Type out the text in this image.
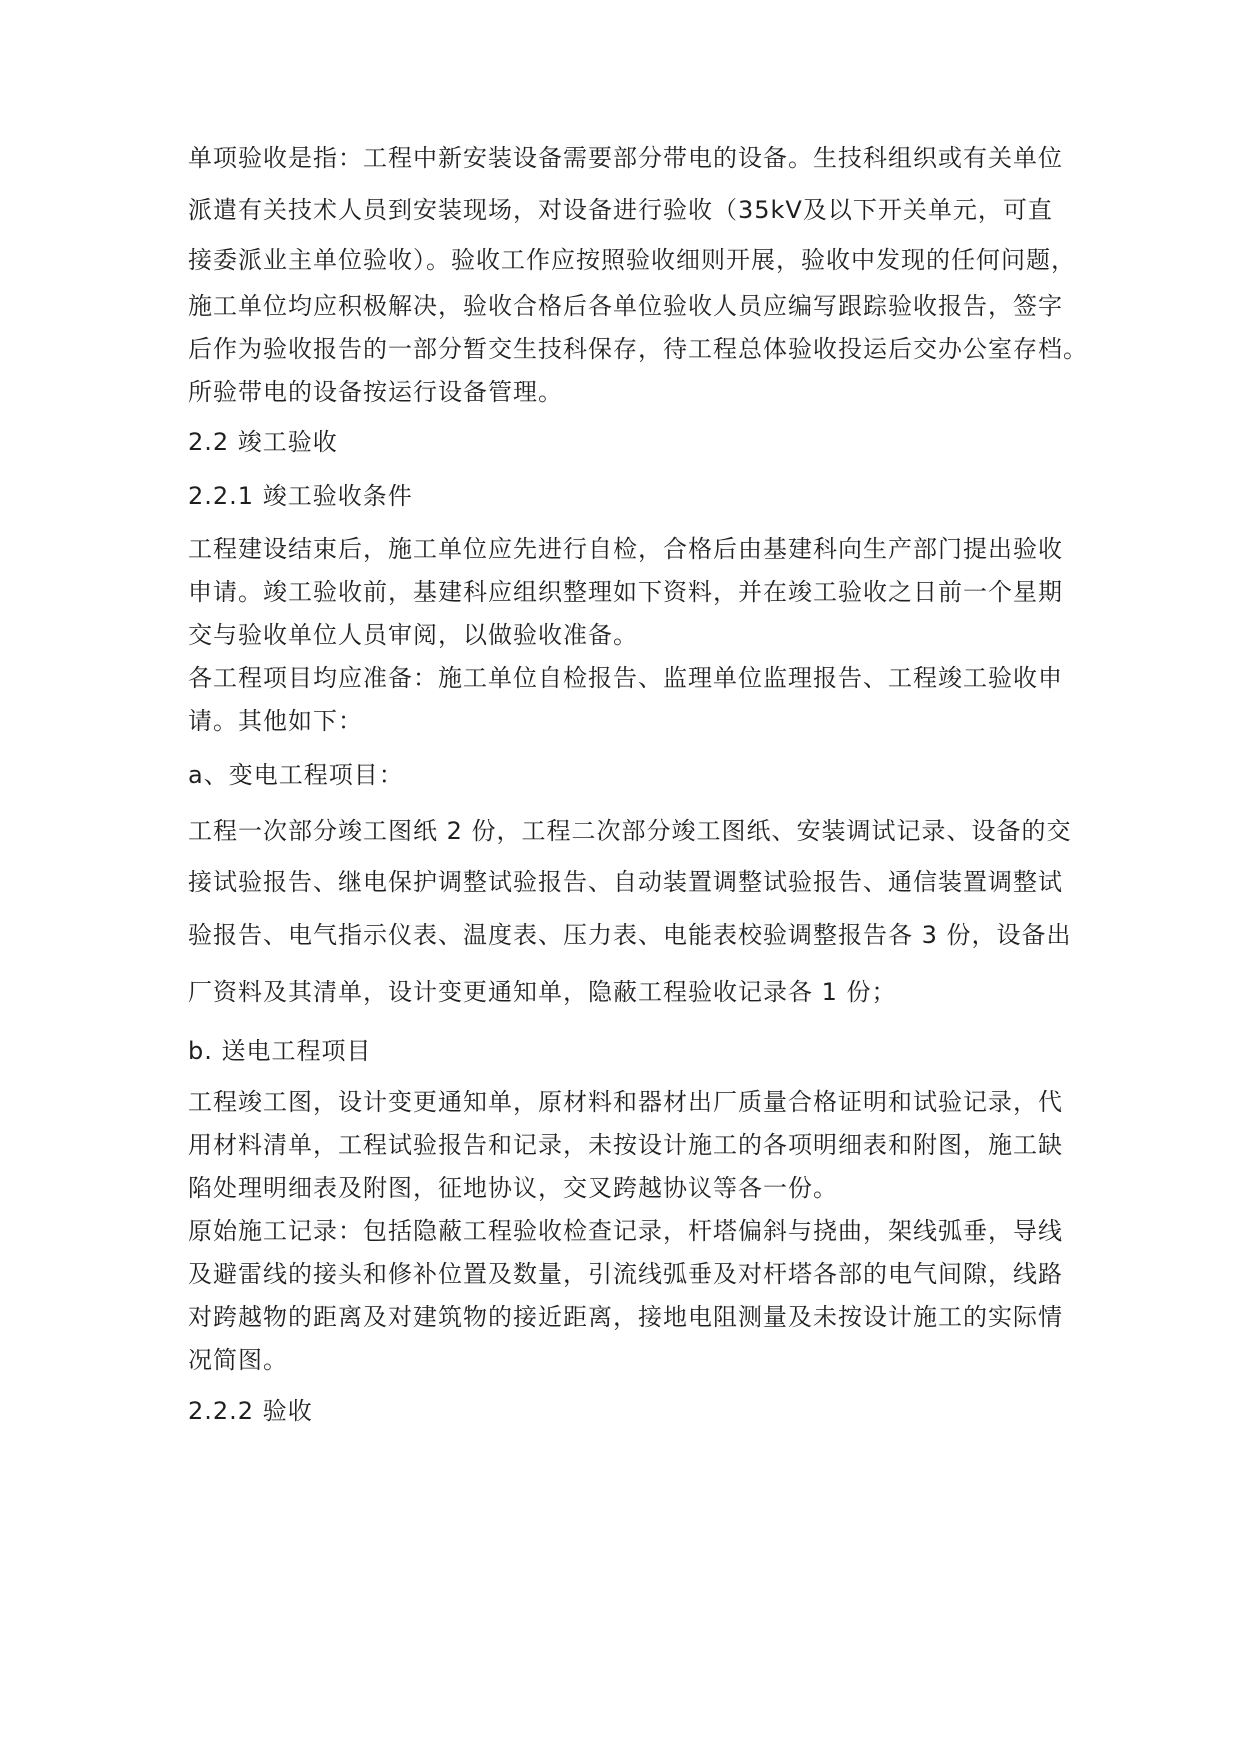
单项验收是指：工程中新安装设备需要部分带电的设备。生技科组织或有关单位
派遣有关技术人员到安装现场，对设备进行验收（35kV及以下开关单元，可直
接委派业主单位验收）。验收工作应按照验收细则开展，验收中发现的任何问题，
施工单位均应积极解决，验收合格后各单位验收人员应编写跟踪验收报告，签字
后作为验收报告的一部分暂交生技科保存，待工程总体验收投运后交办公室存档。
所验带电的设备按运行设备管理。
2.2 竣工验收
2.2.1 竣工验收条件
工程建设结束后，施工单位应先进行自检，合格后由基建科向生产部门提出验收
申请。竣工验收前，基建科应组织整理如下资料，并在竣工验收之日前一个星期
交与验收单位人员审阅，以做验收准备。
各工程项目均应准备：施工单位自检报告、监理单位监理报告、工程竣工验收申
请。其他如下：
a、变电工程项目：
工程一次部分竣工图纸 2 份，工程二次部分竣工图纸、安装调试记录、设备的交
接试验报告、继电保护调整试验报告、自动装置调整试验报告、通信装置调整试
验报告、电气指示仪表、温度表、压力表、电能表校验调整报告各 3 份，设备出
厂资料及其清单，设计变更通知单，隐蔽工程验收记录各 1 份；
b. 送电工程项目
工程竣工图，设计变更通知单，原材料和器材出厂质量合格证明和试验记录，代
用材料清单，工程试验报告和记录，未按设计施工的各项明细表和附图，施工缺
陷处理明细表及附图，征地协议，交叉跨越协议等各一份。
原始施工记录：包括隐蔽工程验收检查记录，杆塔偏斜与挠曲，架线弧垂，导线
及避雷线的接头和修补位置及数量，引流线弧垂及对杆塔各部的电气间隙，线路
对跨越物的距离及对建筑物的接近距离，接地电阻测量及未按设计施工的实际情
况简图。
2.2.2 验收
